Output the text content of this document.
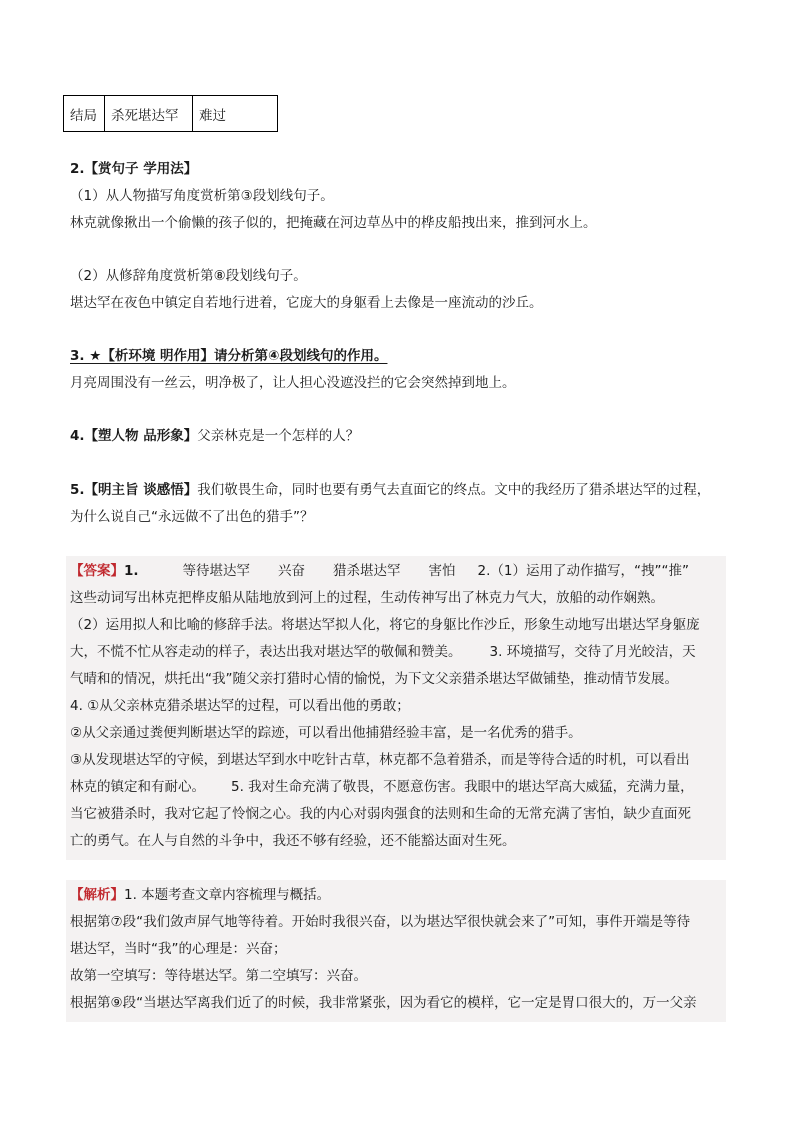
结局	杀死堪达罕	难过
2.【赏句子 学用法】
（1）从人物描写角度赏析第③段划线句子。
林克就像揪出一个偷懒的孩子似的，把掩藏在河边草丛中的桦皮船拽出来，推到河水上。
（2）从修辞角度赏析第⑧段划线句子。
堪达罕在夜色中镇定自若地行进着，它庞大的身躯看上去像是一座流动的沙丘。
3. ★【析环境 明作用】请分析第④段划线句的作用。
月亮周围没有一丝云，明净极了，让人担心没遮没拦的它会突然掉到地上。
4.【塑人物 品形象】父亲林克是一个怎样的人？
5.【明主旨 谈感悟】我们敬畏生命，同时也要有勇气去直面它的终点。文中的我经历了猎杀堪达罕的过程，
为什么说自己“永远做不了出色的猎手”？
【答案】1.	等待堪达罕 兴奋 猎杀堪达罕 害怕 2.（1）运用了动作描写，“拽”“推”
这些动词写出林克把桦皮船从陆地放到河上的过程，生动传神写出了林克力气大，放船的动作娴熟。
（2）运用拟人和比喻的修辞手法。将堪达罕拟人化，将它的身躯比作沙丘，形象生动地写出堪达罕身躯庞
大，不慌不忙从容走动的样子，表达出我对堪达罕的敬佩和赞美。 3. 环境描写，交待了月光皎洁，天
气晴和的情况，烘托出“我”随父亲打猎时心情的愉悦，为下文父亲猎杀堪达罕做铺垫，推动情节发展。
4. ①从父亲林克猎杀堪达罕的过程，可以看出他的勇敢；
②从父亲通过粪便判断堪达罕的踪迹，可以看出他捕猎经验丰富，是一名优秀的猎手。
③从发现堪达罕的守候，到堪达罕到水中吃针古草，林克都不急着猎杀，而是等待合适的时机，可以看出
林克的镇定和有耐心。 5. 我对生命充满了敬畏，不愿意伤害。我眼中的堪达罕高大威猛，充满力量，
当它被猎杀时，我对它起了怜悯之心。我的内心对弱肉强食的法则和生命的无常充满了害怕，缺少直面死
亡的勇气。在人与自然的斗争中，我还不够有经验，还不能豁达面对生死。
【解析】1. 本题考查文章内容梳理与概括。
根据第⑦段“我们敛声屏气地等待着。开始时我很兴奋，以为堪达罕很快就会来了”可知，事件开端是等待
堪达罕，当时“我”的心理是：兴奋；
故第一空填写：等待堪达罕。第二空填写：兴奋。
根据第⑨段“当堪达罕离我们近了的时候，我非常紧张，因为看它的模样，它一定是胃口很大的，万一父亲
